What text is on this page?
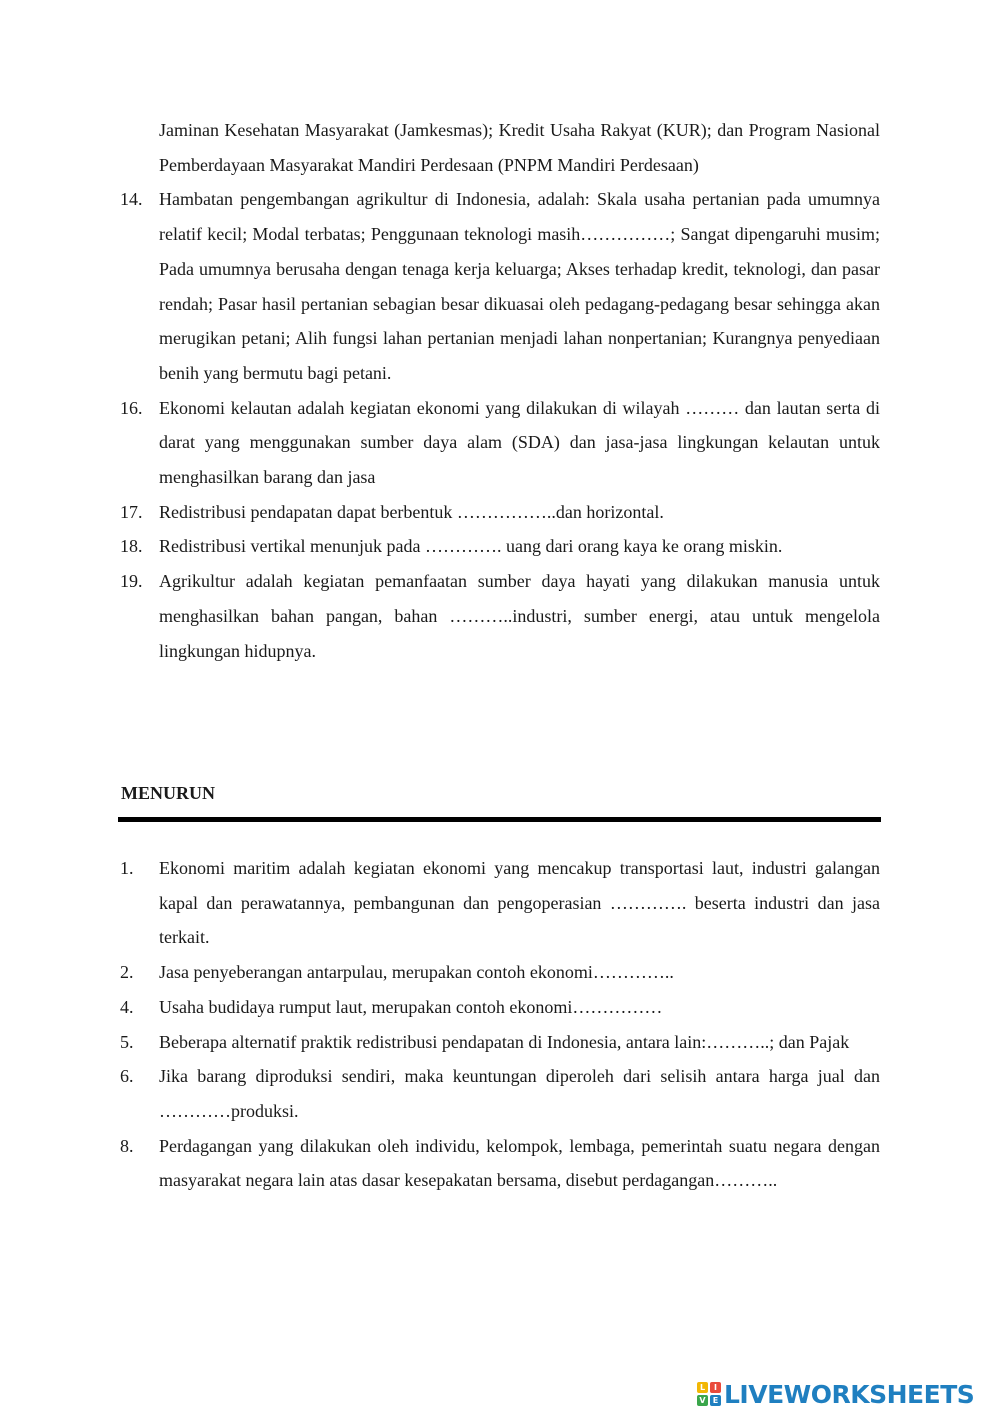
Jaminan Kesehatan Masyarakat (Jamkesmas); Kredit Usaha Rakyat (KUR); dan Program Nasional Pemberdayaan Masyarakat Mandiri Perdesaan (PNPM Mandiri Perdesaan)
14. Hambatan pengembangan agrikultur di Indonesia, adalah: Skala usaha pertanian pada umumnya relatif kecil; Modal terbatas; Penggunaan teknologi masih……………; Sangat dipengaruhi musim; Pada umumnya berusaha dengan tenaga kerja keluarga; Akses terhadap kredit, teknologi, dan pasar rendah; Pasar hasil pertanian sebagian besar dikuasai oleh pedagang-pedagang besar sehingga akan merugikan petani; Alih fungsi lahan pertanian menjadi lahan nonpertanian; Kurangnya penyediaan benih yang bermutu bagi petani.
16. Ekonomi kelautan adalah kegiatan ekonomi yang dilakukan di wilayah ……… dan lautan serta di darat yang menggunakan sumber daya alam (SDA) dan jasa-jasa lingkungan kelautan untuk menghasilkan barang dan jasa
17. Redistribusi pendapatan dapat berbentuk ……………..dan horizontal.
18. Redistribusi vertikal menunjuk pada …………. uang dari orang kaya ke orang miskin.
19. Agrikultur adalah kegiatan pemanfaatan sumber daya hayati yang dilakukan manusia untuk menghasilkan bahan pangan, bahan ………..industri, sumber energi, atau untuk mengelola lingkungan hidupnya.
MENURUN
1. Ekonomi maritim adalah kegiatan ekonomi yang mencakup transportasi laut, industri galangan kapal dan perawatannya, pembangunan dan pengoperasian …………. beserta industri dan jasa terkait.
2. Jasa penyeberangan antarpulau, merupakan contoh ekonomi…………..
4. Usaha budidaya rumput laut, merupakan contoh ekonomi……………
5. Beberapa alternatif praktik redistribusi pendapatan di Indonesia, antara lain:………..; dan Pajak
6. Jika barang diproduksi sendiri, maka keuntungan diperoleh dari selisih antara harga jual dan …………produksi.
8. Perdagangan yang dilakukan oleh individu, kelompok, lembaga, pemerintah suatu negara dengan masyarakat negara lain atas dasar kesepakatan bersama, disebut perdagangan………..
L	I
V E LIVEWORKSHEETS
